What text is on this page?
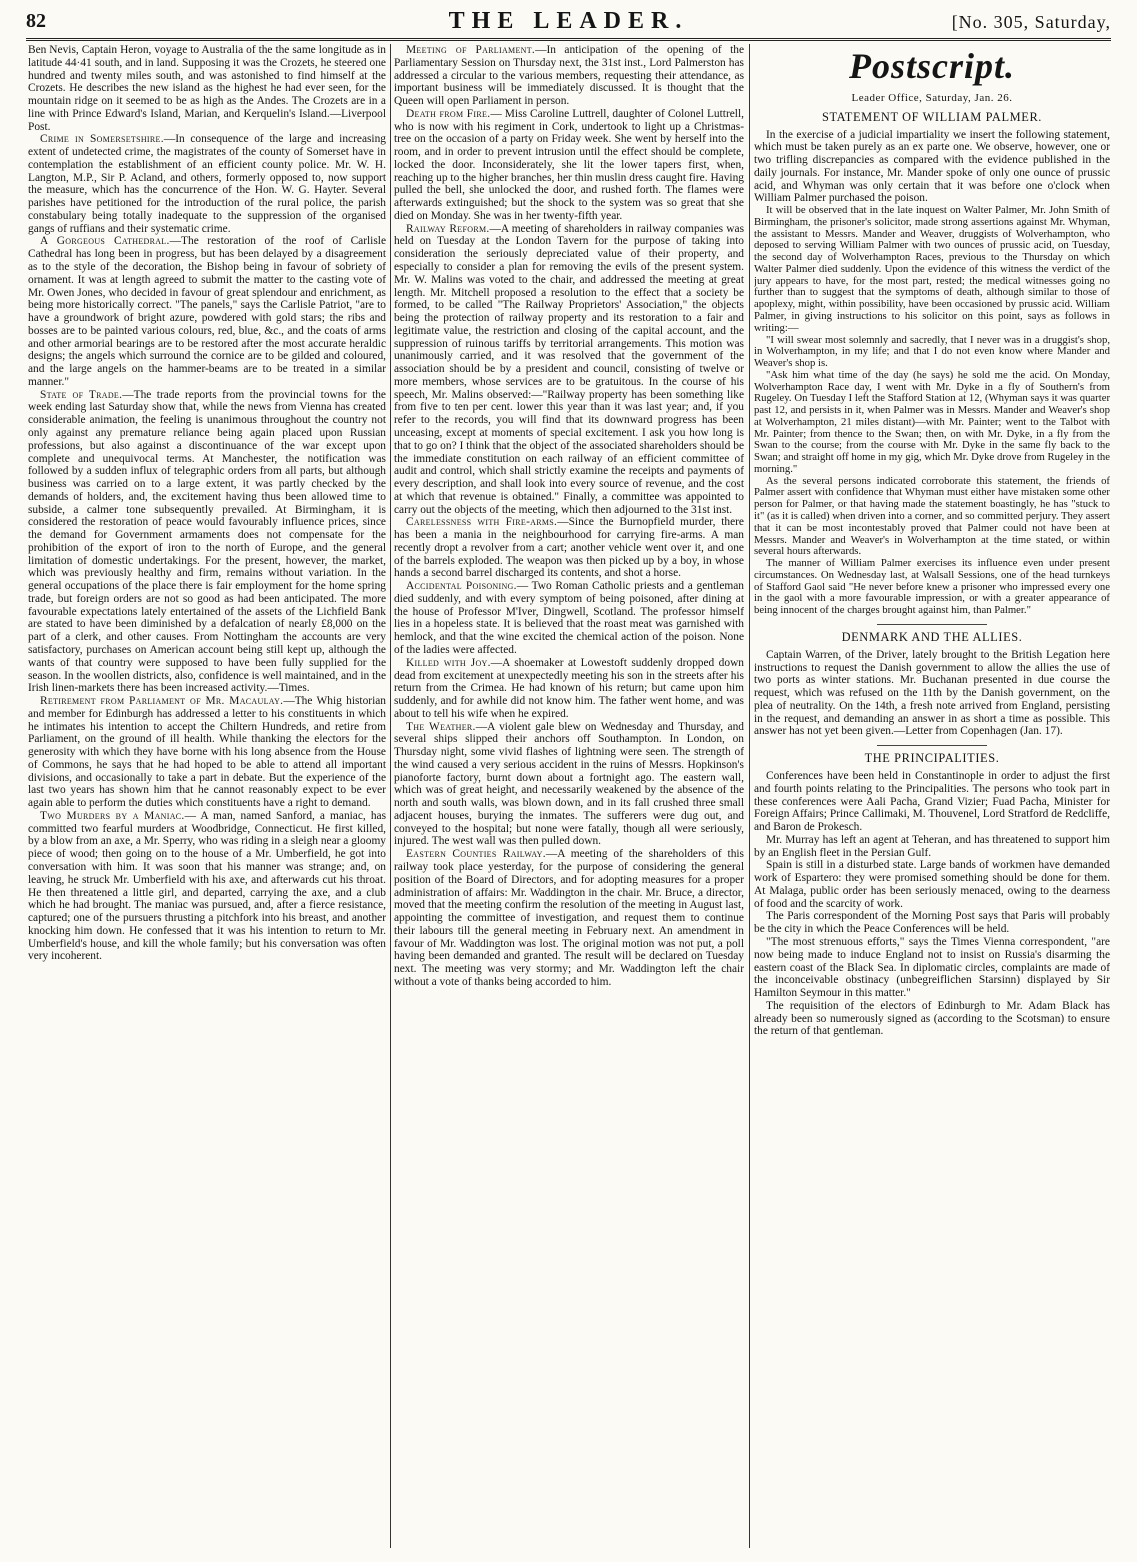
82	THE LEADER.	[No. 305, Saturday,

Ben Nevis, Captain Heron, voyage to Australia of the the same longitude as in latitude 44·41 south, and in land. Supposing it was the Crozets, he steered one hundred and twenty miles south, and was astonished to find himself at the Crozets. He describes the new island as the highest he had ever seen, for the mountain ridge on it seemed to be as high as the Andes. The Crozets are in a line with Prince Edward's Island, Marian, and Kerquelin's Island.—Liverpool Post.

Crime in Somersetshire.—In consequence of the large and increasing extent of undetected crime, the magistrates of the county of Somerset have in contemplation the establishment of an efficient county police. Mr. W. H. Langton, M.P., Sir P. Acland, and others, formerly opposed to, now support the measure, which has the concurrence of the Hon. W. G. Hayter. Several parishes have petitioned for the introduction of the rural police, the parish constabulary being totally inadequate to the suppression of the organised gangs of ruffians and their systematic crime.

A Gorgeous Cathedral.—The restoration of the roof of Carlisle Cathedral has long been in progress, but has been delayed by a disagreement as to the style of the decoration, the Bishop being in favour of sobriety of ornament. It was at length agreed to submit the matter to the casting vote of Mr. Owen Jones, who decided in favour of great splendour and enrichment, as being more historically correct. "The panels," says the Carlisle Patriot, "are to have a groundwork of bright azure, powdered with gold stars; the ribs and bosses are to be painted various colours, red, blue, &c., and the coats of arms and other armorial bearings are to be restored after the most accurate heraldic designs; the angels which surround the cornice are to be gilded and coloured, and the large angels on the hammer-beams are to be treated in a similar manner."

State of Trade.—The trade reports from the provincial towns for the week ending last Saturday show that, while the news from Vienna has created considerable animation, the feeling is unanimous throughout the country not only against any premature reliance being again placed upon Russian professions, but also against a discontinuance of the war except upon complete and unequivocal terms. At Manchester, the notification was followed by a sudden influx of telegraphic orders from all parts, but although business was carried on to a large extent, it was partly checked by the demands of holders, and, the excitement having thus been allowed time to subside, a calmer tone subsequently prevailed. At Birmingham, it is considered the restoration of peace would favourably influence prices, since the demand for Government armaments does not compensate for the prohibition of the export of iron to the north of Europe, and the general limitation of domestic undertakings. For the present, however, the market, which was previously healthy and firm, remains without variation. In the general occupations of the place there is fair employment for the home spring trade, but foreign orders are not so good as had been anticipated. The more favourable expectations lately entertained of the assets of the Lichfield Bank are stated to have been diminished by a defalcation of nearly £8,000 on the part of a clerk, and other causes. From Nottingham the accounts are very satisfactory, purchases on American account being still kept up, although the wants of that country were supposed to have been fully supplied for the season. In the woollen districts, also, confidence is well maintained, and in the Irish linen-markets there has been increased activity.—Times.

Retirement from Parliament of Mr. Macaulay.—The Whig historian and member for Edinburgh has addressed a letter to his constituents in which he intimates his intention to accept the Chiltern Hundreds, and retire from Parliament, on the ground of ill health. While thanking the electors for the generosity with which they have borne with his long absence from the House of Commons, he says that he had hoped to be able to attend all important divisions, and occasionally to take a part in debate. But the experience of the last two years has shown him that he cannot reasonably expect to be ever again able to perform the duties which constituents have a right to demand.

Two Murders by a Maniac.— A man, named Sanford, a maniac, has committed two fearful murders at Woodbridge, Connecticut. He first killed, by a blow from an axe, a Mr. Sperry, who was riding in a sleigh near a gloomy piece of wood; then going on to the house of a Mr. Umberfield, he got into conversation with him. It was soon that his manner was strange; and, on leaving, he struck Mr. Umberfield with his axe, and afterwards cut his throat. He then threatened a little girl, and departed, carrying the axe, and a club which he had brought. The maniac was pursued, and, after a fierce resistance, captured; one of the pursuers thrusting a pitchfork into his breast, and another knocking him down. He confessed that it was his intention to return to Mr. Umberfield's house, and kill the whole family; but his conversation was often very incoherent.

Meeting of Parliament.—In anticipation of the opening of the Parliamentary Session on Thursday next, the 31st inst., Lord Palmerston has addressed a circular to the various members, requesting their attendance, as important business will be immediately discussed. It is thought that the Queen will open Parliament in person.

Death from Fire.— Miss Caroline Luttrell, daughter of Colonel Luttrell, who is now with his regiment in Cork, undertook to light up a Christmas-tree on the occasion of a party on Friday week. She went by herself into the room, and in order to prevent intrusion until the effect should be complete, locked the door. Inconsiderately, she lit the lower tapers first, when, reaching up to the higher branches, her thin muslin dress caught fire. Having pulled the bell, she unlocked the door, and rushed forth. The flames were afterwards extinguished; but the shock to the system was so great that she died on Monday. She was in her twenty-fifth year.

Railway Reform.—A meeting of shareholders in railway companies was held on Tuesday at the London Tavern for the purpose of taking into consideration the seriously depreciated value of their property, and especially to consider a plan for removing the evils of the present system. Mr. W. Malins was voted to the chair, and addressed the meeting at great length. Mr. Mitchell proposed a resolution to the effect that a society be formed, to be called "The Railway Proprietors' Association," the objects being the protection of railway property and its restoration to a fair and legitimate value, the restriction and closing of the capital account, and the suppression of ruinous tariffs by territorial arrangements. This motion was unanimously carried, and it was resolved that the government of the association should be by a president and council, consisting of twelve or more members, whose services are to be gratuitous. In the course of his speech, Mr. Malins observed:—"Railway property has been something like from five to ten per cent. lower this year than it was last year; and, if you refer to the records, you will find that its downward progress has been unceasing, except at moments of special excitement. I ask you how long is that to go on? I think that the object of the associated shareholders should be the immediate constitution on each railway of an efficient committee of audit and control, which shall strictly examine the receipts and payments of every description, and shall look into every source of revenue, and the cost at which that revenue is obtained." Finally, a committee was appointed to carry out the objects of the meeting, which then adjourned to the 31st inst.

Carelessness with Fire-arms.—Since the Burnopfield murder, there has been a mania in the neighbourhood for carrying fire-arms. A man recently dropt a revolver from a cart; another vehicle went over it, and one of the barrels exploded. The weapon was then picked up by a boy, in whose hands a second barrel discharged its contents, and shot a horse.

Accidental Poisoning.— Two Roman Catholic priests and a gentleman died suddenly, and with every symptom of being poisoned, after dining at the house of Professor M'Iver, Dingwell, Scotland. The professor himself lies in a hopeless state. It is believed that the roast meat was garnished with hemlock, and that the wine excited the chemical action of the poison. None of the ladies were affected.

Killed with Joy.—A shoemaker at Lowestoft suddenly dropped down dead from excitement at unexpectedly meeting his son in the streets after his return from the Crimea. He had known of his return; but came upon him suddenly, and for awhile did not know him. The father went home, and was about to tell his wife when he expired.

The Weather.—A violent gale blew on Wednesday and Thursday, and several ships slipped their anchors off Southampton. In London, on Thursday night, some vivid flashes of lightning were seen. The strength of the wind caused a very serious accident in the ruins of Messrs. Hopkinson's pianoforte factory, burnt down about a fortnight ago. The eastern wall, which was of great height, and necessarily weakened by the absence of the north and south walls, was blown down, and in its fall crushed three small adjacent houses, burying the inmates. The sufferers were dug out, and conveyed to the hospital; but none were fatally, though all were seriously, injured. The west wall was then pulled down.

Eastern Counties Railway.—A meeting of the shareholders of this railway took place yesterday, for the purpose of considering the general position of the Board of Directors, and for adopting measures for a proper administration of affairs: Mr. Waddington in the chair. Mr. Bruce, a director, moved that the meeting confirm the resolution of the meeting in August last, appointing the committee of investigation, and request them to continue their labours till the general meeting in February next. An amendment in favour of Mr. Waddington was lost. The original motion was not put, a poll having been demanded and granted. The result will be declared on Tuesday next. The meeting was very stormy; and Mr. Waddington left the chair without a vote of thanks being accorded to him.

Postscript.
Leader Office, Saturday, Jan. 26.
STATEMENT OF WILLIAM PALMER.

In the exercise of a judicial impartiality we insert the following statement, which must be taken purely as an ex parte one. We observe, however, one or two trifling discrepancies as compared with the evidence published in the daily journals. For instance, Mr. Mander spoke of only one ounce of prussic acid, and Whyman was only certain that it was before one o'clock when William Palmer purchased the poison.

It will be observed that in the late inquest on Walter Palmer, Mr. John Smith of Birmingham, the prisoner's solicitor, made strong assertions against Mr. Whyman, the assistant to Messrs. Mander and Weaver, druggists of Wolverhampton, who deposed to serving William Palmer with two ounces of prussic acid, on Tuesday, the second day of Wolverhampton Races, previous to the Thursday on which Walter Palmer died suddenly. Upon the evidence of this witness the verdict of the jury appears to have, for the most part, rested; the medical witnesses going no further than to suggest that the symptoms of death, although similar to those of apoplexy, might, within possibility, have been occasioned by prussic acid. William Palmer, in giving instructions to his solicitor on this point, says as follows in writing:—

"I will swear most solemnly and sacredly, that I never was in a druggist's shop, in Wolverhampton, in my life; and that I do not even know where Mander and Weaver's shop is.

"Ask him what time of the day (he says) he sold me the acid. On Monday, Wolverhampton Race day, I went with Mr. Dyke in a fly of Southern's from Rugeley. On Tuesday I left the Stafford Station at 12, (Whyman says it was quarter past 12, and persists in it, when Palmer was in Messrs. Mander and Weaver's shop at Wolverhampton, 21 miles distant)—with Mr. Painter; went to the Talbot with Mr. Painter; from thence to the Swan; then, on with Mr. Dyke, in a fly from the Swan to the course; from the course with Mr. Dyke in the same fly back to the Swan; and straight off home in my gig, which Mr. Dyke drove from Rugeley in the morning."

As the several persons indicated corroborate this statement, the friends of Palmer assert with confidence that Whyman must either have mistaken some other person for Palmer, or that having made the statement boastingly, he has "stuck to it" (as it is called) when driven into a corner, and so committed perjury. They assert that it can be most incontestably proved that Palmer could not have been at Messrs. Mander and Weaver's in Wolverhampton at the time stated, or within several hours afterwards.

The manner of William Palmer exercises its influence even under present circumstances. On Wednesday last, at Walsall Sessions, one of the head turnkeys of Stafford Gaol said "He never before knew a prisoner who impressed every one in the gaol with a more favourable impression, or with a greater appearance of being innocent of the charges brought against him, than Palmer."

DENMARK AND THE ALLIES.

Captain Warren, of the Driver, lately brought to the British Legation here instructions to request the Danish government to allow the allies the use of two ports as winter stations. Mr. Buchanan presented in due course the request, which was refused on the 11th by the Danish government, on the plea of neutrality. On the 14th, a fresh note arrived from England, persisting in the request, and demanding an answer in as short a time as possible. This answer has not yet been given.—Letter from Copenhagen (Jan. 17).

THE PRINCIPALITIES.

Conferences have been held in Constantinople in order to adjust the first and fourth points relating to the Principalities. The persons who took part in these conferences were Aali Pacha, Grand Vizier; Fuad Pacha, Minister for Foreign Affairs; Prince Callimaki, M. Thouvenel, Lord Stratford de Redcliffe, and Baron de Prokesch.

Mr. Murray has left an agent at Teheran, and has threatened to support him by an English fleet in the Persian Gulf.

Spain is still in a disturbed state. Large bands of workmen have demanded work of Espartero: they were promised something should be done for them. At Malaga, public order has been seriously menaced, owing to the dearness of food and the scarcity of work.

The Paris correspondent of the Morning Post says that Paris will probably be the city in which the Peace Conferences will be held.

"The most strenuous efforts," says the Times Vienna correspondent, "are now being made to induce England not to insist on Russia's disarming the eastern coast of the Black Sea. In diplomatic circles, complaints are made of the inconceivable obstinacy (unbegreiflichen Starsinn) displayed by Sir Hamilton Seymour in this matter."

The requisition of the electors of Edinburgh to Mr. Adam Black has already been so numerously signed as (according to the Scotsman) to ensure the return of that gentleman.
